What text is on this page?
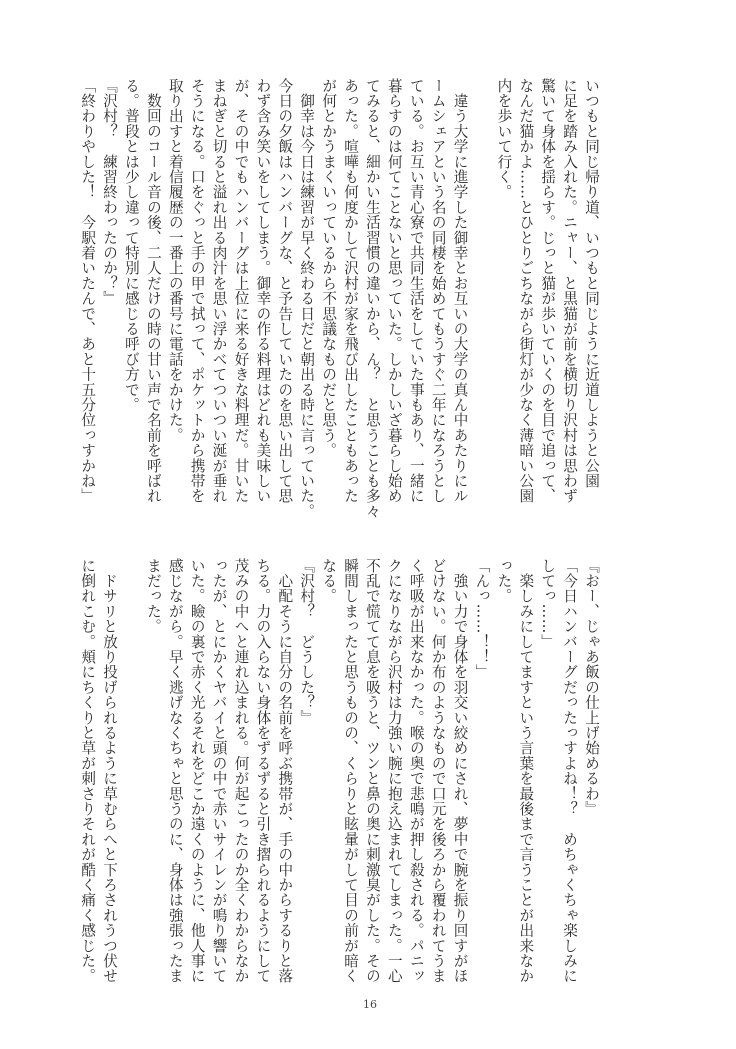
いつもと同じ帰り道、いつもと同じように近道しようと公園
に足を踏み入れた。ニャー、と黒猫が前を横切り沢村は思わず
驚いて身体を揺らす。じっと猫が歩いていくのを目で追って、
なんだ猫かよ……とひとりごちながら街灯が少なく薄暗い公園
内を歩いて行く。

　違う大学に進学した御幸とお互いの大学の真ん中あたりにル
ームシェアという名の同棲を始めてもうすぐ二年になろうとし
ている。お互い青心寮で共同生活をしていた事もあり、一緒に
暮らすのは何てことないと思っていた。しかしいざ暮らし始め
てみると、細かい生活習慣の違いから、ん？　と思うことも多々
あった。喧嘩も何度かして沢村が家を飛び出したこともあった
が何とかうまくいっているから不思議なものだと思う。
　御幸は今日は練習が早く終わる日だと朝出る時に言っていた。
今日の夕飯はハンバーグな、と予告していたのを思い出して思
わず含み笑いをしてしまう。御幸の作る料理はどれも美味しい
が、その中でもハンバーグは上位に来る好きな料理だ。甘いた
まねぎと切ると溢れ出る肉汁を思い浮かべてついつい涎が垂れ
そうになる。口をぐっと手の甲で拭って、ポケットから携帯を
取り出すと着信履歴の一番上の番号に電話をかけた。
　数回のコール音の後、二人だけの時の甘い声で名前を呼ばれ
る。普段とは少し違って特別に感じる呼び方で。
『沢村？　練習終わったのか？』
「終わりやした！　今駅着いたんで、あと十五分位っすかね」
『おー、じゃあ飯の仕上げ始めるわ』
「今日ハンバーグだったっすよね！？　めちゃくちゃ楽しみに
してっ……」
　楽しみにしてますという言葉を最後まで言うことが出来なか
った。
「んっ……！！」
　強い力で身体を羽交い絞めにされ、夢中で腕を振り回すがほ
どけない。何か布のようなもので口元を後ろから覆われてうま
く呼吸が出来なかった。喉の奥で悲鳴が押し殺される。パニッ
クになりながら沢村は力強い腕に抱え込まれてしまった。一心
不乱で慌てて息を吸うと、ツンと鼻の奥に刺激臭がした。その
瞬間しまったと思うものの、くらりと眩暈がして目の前が暗く
なる。
『沢村？　どうした？』
　心配そうに自分の名前を呼ぶ携帯が、手の中からするりと落
ちる。力の入らない身体をずるずると引き摺られるようにして
茂みの中へと連れ込まれる。何が起こったのか全くわからなか
ったが、とにかくヤバイと頭の中で赤いサイレンが鳴り響いて
いた。瞼の裏で赤く光るそれをどこか遠くのように、他人事に
感じながら。早く逃げなくちゃと思うのに、身体は強張ったま
まだった。

　ドサリと放り投げられるように草むらへと下ろされうつ伏せ
に倒れこむ。頬にちくりと草が刺さりそれが酷く痛く感じた。
16
